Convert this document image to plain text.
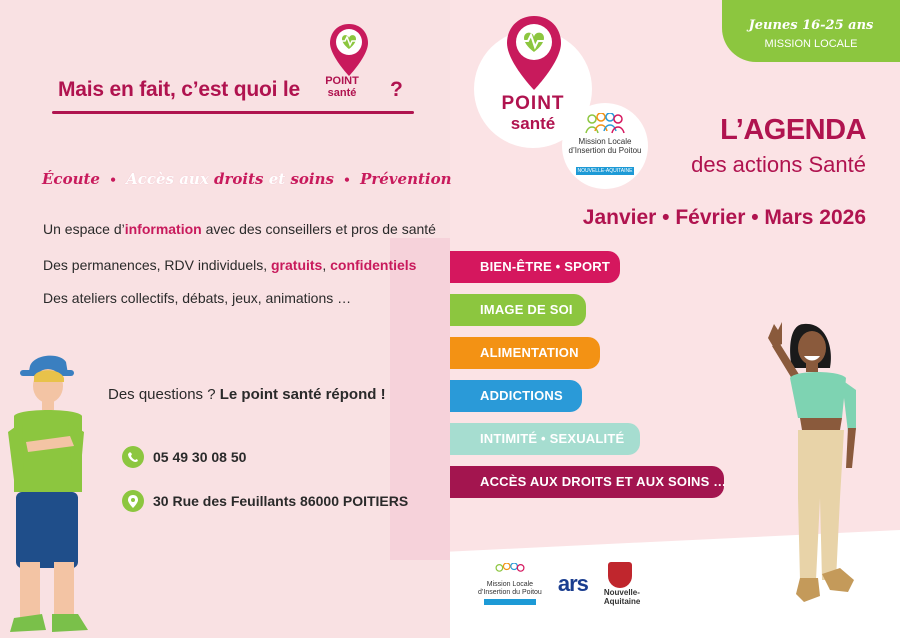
POINT
santé
Mais en fait, c’est quoi le	?
Écoute • Accès aux droits et soins • Prévention
Un espace d’information avec des conseillers et pros de santé
Des permanences, RDV individuels, gratuits, confidentiels
Des ateliers collectifs, débats, jeux, animations …
Des questions ? Le point santé répond !
05 49 30 08 50
30 Rue des Feuillants 86000 POITIERS
Jeunes 16-25 ans
MISSION LOCALE
POINT
santé
Mission Locale
d’Insertion du Poitou
NOUVELLE-AQUITAINE
L’AGENDA
des actions Santé
Janvier • Février • Mars 2026
BIEN-ÊTRE • SPORT
IMAGE DE SOI
ALIMENTATION
ADDICTIONS
INTIMITÉ • SEXUALITÉ
ACCÈS AUX DROITS ET AUX SOINS …
Mission Locale
d’Insertion du Poitou ars Nouvelle-
Aquitaine
